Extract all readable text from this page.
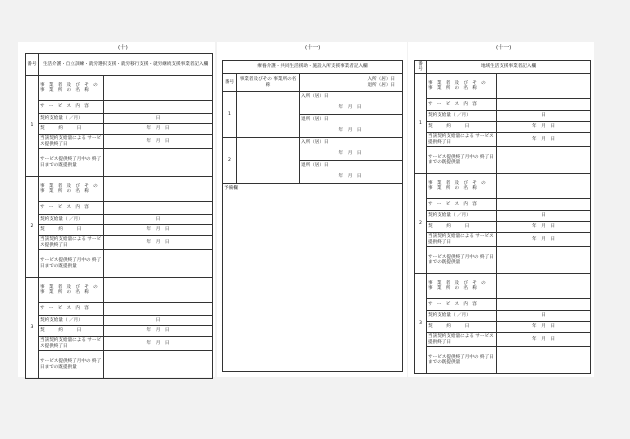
(十)
番号	生活介護・自立訓練・就労選択支援・就労移行支援・就労継続支援事業者記入欄	
1	事 業 者 及 び そ の 事 業 所 の 名 称	
	サ ー ビ ス 内 容	
	契約支給量（ ／月）	日
	契　　　約　　　日	年　月　日
	当該契約支給量による サービス提供終了日	年　月　日
	サービス提供終了月中の 終了日までの既提供量	
2	事 業 者 及 び そ の 事 業 所 の 名 称	
	サ ー ビ ス 内 容	
	契約支給量（ ／月）	日
	契　　　約　　　日	年　月　日
	当該契約支給量による サービス提供終了日	年　月　日
	サービス提供終了月中の 終了日までの既提供量	
3	事 業 者 及 び そ の 事 業 所 の 名 称	
	サ ー ビ ス 内 容	
	契約支給量（ ／月）	日
	契　　　約　　　日	年　月　日
	当該契約支給量による サービス提供終了日	年　月　日
	サービス提供終了月中の 終了日までの既提供量	
(十一)
療養介護・共同生活援助・施設入所支援事業者記入欄			
番号	事業者及びその 事業所の名称	入所（居）日
退所（居）日	

1		入所（居）日	
			年　月　日
		退所（居）日	
			年　月　日
2		入所（居）日	
			年　月　日
		退所（居）日	
			年　月　日
予備欄			
(十一)
番号	地域生活支援事業者記入欄	
1	事 業 者 及 び そ の 事 業 所 の 名 称	
	サ ー ビ ス 内 容	
	契約支給量（ ／月）	日
	契　　　約　　　日	年　月　日
	当該契約支給量による サービス提供終了日	年　月　日
	サービス提供終了月中の 終了日までの既提供量	
2	事 業 者 及 び そ の 事 業 所 の 名 称	
	サ ー ビ ス 内 容	
	契約支給量（ ／月）	日
	契　　　約　　　日	年　月　日
	当該契約支給量による サービス提供終了日	年　月　日
	サービス提供終了月中の 終了日までの既提供量	
3	事 業 者 及 び そ の 事 業 所 の 名 称	
	サ ー ビ ス 内 容	
	契約支給量（ ／月）	日
	契　　　約　　　日	年　月　日
	当該契約支給量による サービス提供終了日	年　月　日
	サービス提供終了月中の 終了日までの既提供量	
